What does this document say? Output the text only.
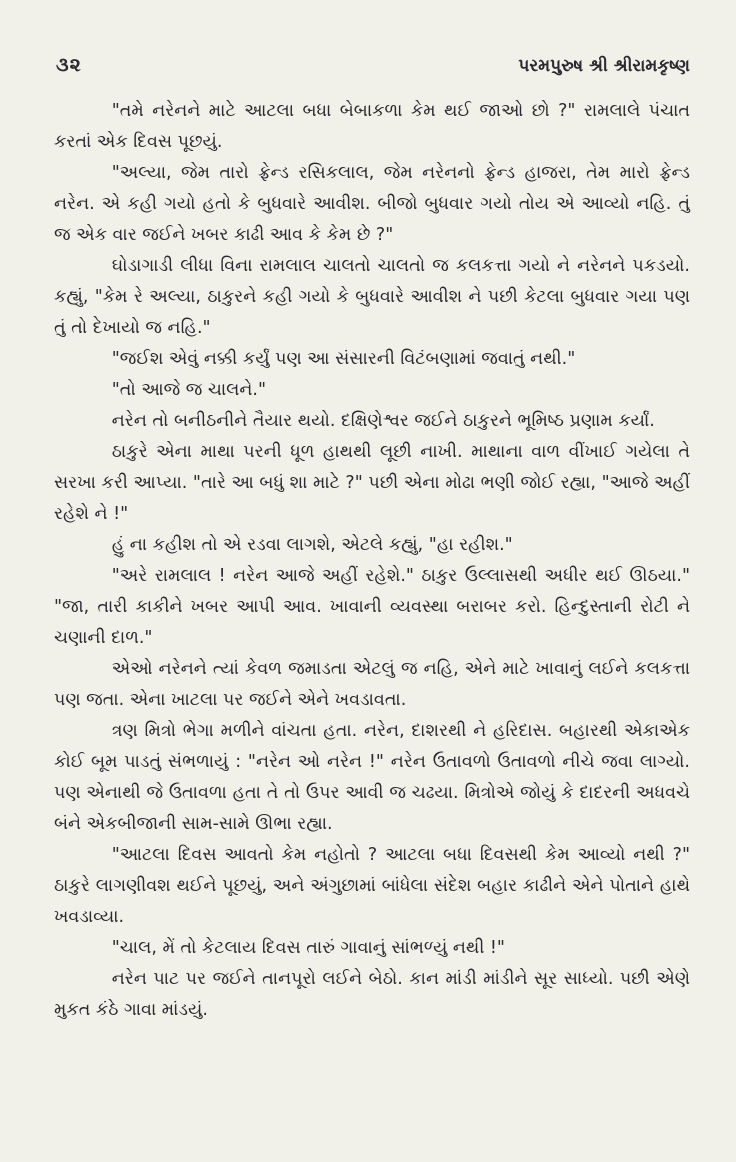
૩૨	પરમપુરુષ શ્રી શ્રીરામકૃષ્ણ

"તમે નરેનને માટે આટલા બધા બેબાકળા કેમ થઈ જાઓ છો ?" રામલાલે પંચાત કરતાં એક દિવસ પૂછયું.

"અલ્યા, જેમ તારો ફ્રેન્ડ રસિકલાલ, જેમ નરેનનો ફ્રેન્ડ હાજરા, તેમ મારો ફ્રેન્ડ નરેન. એ કહી ગયો હતો કે બુધવારે આવીશ. બીજો બુધવાર ગયો તોય એ આવ્યો નહિ. તું જ એક વાર જઈને ખબર કાઢી આવ કે કેમ છે ?"

ઘોડાગાડી લીધા વિના રામલાલ ચાલતો ચાલતો જ કલકત્તા ગયો ને નરેનને પકડયો. કહ્યું, "કેમ રે અલ્યા, ઠાકુરને કહી ગયો કે બુધવારે આવીશ ને પછી કેટલા બુધવાર ગયા પણ તું તો દેખાયો જ નહિ."

"જઈશ એવું નક્કી કર્યું પણ આ સંસારની વિટંબણામાં જવાતું નથી."

"તો આજે જ ચાલને."

નરેન તો બનીઠનીને તૈયાર થયો. દક્ષિણેશ્વર જઈને ઠાકુરને ભૂમિષ્ઠ પ્રણામ કર્યાં.

ઠાકુરે એના માથા પરની ધૂળ હાથથી લૂછી નાખી. માથાના વાળ વીંખાઈ ગયેલા તે સરખા કરી આપ્યા. "તારે આ બધું શા માટે ?" પછી એના મોઢા ભણી જોઈ રહ્યા, "આજે અહીં રહેશે ને !"

હું ના કહીશ તો એ રડવા લાગશે, એટલે કહ્યું, "હા રહીશ."

"અરે રામલાલ ! નરેન આજે અહીં રહેશે." ઠાકુર ઉલ્લાસથી અધીર થઈ ઊઠયા." "જા, તારી કાકીને ખબર આપી આવ. ખાવાની વ્યવસ્થા બરાબર કરો. હિન્દુસ્તાની રોટી ને ચણાની દાળ."

એઓ નરેનને ત્યાં કેવળ જમાડતા એટલું જ નહિ, એને માટે ખાવાનું લઈને કલકત્તા પણ જતા. એના ખાટલા પર જઈને એને ખવડાવતા.

ત્રણ મિત્રો ભેગા મળીને વાંચતા હતા. નરેન, દાશરથી ને હરિદાસ. બહારથી એકાએક કોઈ બૂમ પાડતું સંભળાયું : "નરેન ઓ નરેન !" નરેન ઉતાવળો ઉતાવળો નીચે જવા લાગ્યો. પણ એનાથી જે ઉતાવળા હતા તે તો ઉપર આવી જ ચઢયા. મિત્રોએ જોયું કે દાદરની અધવચે બંને એકબીજાની સામ-સામે ઊભા રહ્યા.

"આટલા દિવસ આવતો કેમ નહોતો ? આટલા બધા દિવસથી કેમ આવ્યો નથી ?" ઠાકુરે લાગણીવશ થઈને પૂછયું, અને અંગુછામાં બાંધેલા સંદેશ બહાર કાઢીને એને પોતાને હાથે ખવડાવ્યા.

"ચાલ, મેં તો કેટલાય દિવસ તારું ગાવાનું સાંભળ્યું નથી !"

નરેન પાટ પર જઈને તાનપૂરો લઈને બેઠો. કાન માંડી માંડીને સૂર સાધ્યો. પછી એણે મુકત કંઠે ગાવા માંડયું.
